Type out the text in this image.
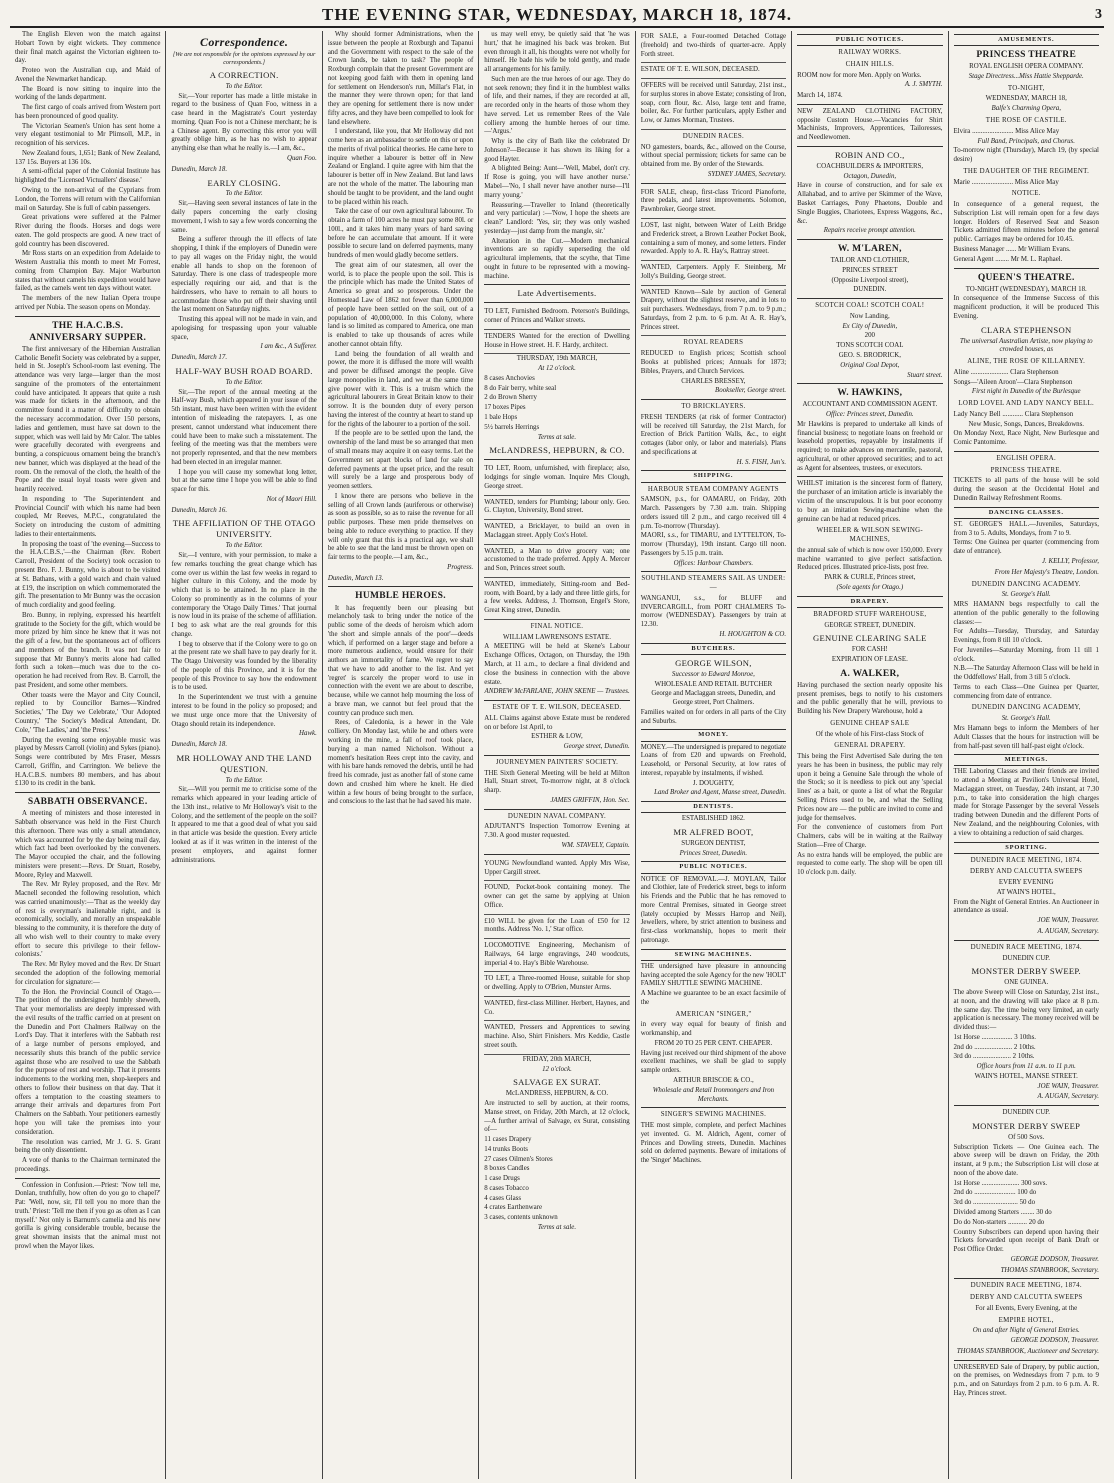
THE EVENING STAR, WEDNESDAY, MARCH 18, 1874.	3
The English Eleven won the match against Hobart Town by eight wickets. They commence their final match against the Victorian eighteen to-day.
Proteo won the Australian cup, and Maid of Avenel the Newmarket handicap.
The Board is now sitting to inquire into the working of the lands department.
The first cargo of coals arrived from Western port has been pronounced of good quality.
The Victorian Seamen's Union has sent home a very elegant testimonial to Mr Plimsoll, M.P., in recognition of his services.
New Zealand fours, 1,651; Bank of New Zealand, 137 15s. Buyers at 136 10s.
A semi-official paper of the Colonial Institute has highlighted the 'Licensed Victuallers' disease.'
Owing to the non-arrival of the Cyprians from London, the Torrens will return with the Californian mail on Saturday. She is full of cabin passengers.
Great privations were suffered at the Palmer River during the floods. Horses and dogs were eaten. The gold prospects are good. A new tract of gold country has been discovered.
Mr Ross starts on an expedition from Adelaide to Western Australia this month to meet Mr Forrest, coming from Champion Bay. Major Warburton states that without camels his expedition would have failed, as the camels went ten days without water.
The members of the new Italian Opera troupe arrived per Nubia. The season opens on Monday.
THE H.A.C.B.S. ANNIVERSARY SUPPER.
The first anniversary of the Hibernian Australian Catholic Benefit Society was celebrated by a supper, held in St. Joseph's School-room last evening. The attendance was very large—larger than the most sanguine of the promoters of the entertainment could have anticipated. It appears that quite a rush was made for tickets in the afternoon, and the committee found it a matter of difficulty to obtain the necessary accommodation. Over 150 persons, ladies and gentlemen, must have sat down to the supper, which was well laid by Mr Calor. The tables were gracefully decorated with evergreens and bunting, a conspicuous ornament being the branch's new banner, which was displayed at the head of the room. On the removal of the cloth, the health of the Pope and the usual loyal toasts were given and heartily received.
In responding to 'The Superintendent and Provincial Council' with which his name had been coupled, Mr Reeves, M.P.C., congratulated the Society on introducing the custom of admitting ladies to their entertainments.
In proposing the toast of 'the evening—Success to the H.A.C.B.S.,'—the Chairman (Rev. Robert Carroll, President of the Society) took occasion to present Bro. F. J. Bunny, who is about to be visited at St. Bathans, with a gold watch and chain valued at £19, the inscription on which commemorated the gift. The presentation to Mr Bunny was the occasion of much cordiality and good feeling.
Bro. Bunny, in replying, expressed his heartfelt gratitude to the Society for the gift, which would be more prized by him since he knew that it was not the gift of a few, but the spontaneous act of officers and members of the branch. It was not fair to suppose that Mr Bunny's merits alone had called forth such a token—much was due to the co-operation he had received from Rev. B. Carroll, the past President, and some other members.
Other toasts were the Mayor and City Council, replied to by Councillor Barnes—'Kindred Societies,' 'The Day we Celebrate,' 'Our Adopted Country,' 'The Society's Medical Attendant, Dr. Cole,' 'The Ladies,' and 'the Press.'
During the evening some enjoyable music was played by Messrs Carroll (violin) and Sykes (piano). Songs were contributed by Mrs Fraser, Messrs Carroll, Griffin, and Carrington. We believe the H.A.C.B.S. numbers 80 members, and has about £130 to its credit in the bank.
SABBATH OBSERVANCE.
A meeting of ministers and those interested in Sabbath observance was held in the First Church this afternoon. There was only a small attendance, which was accounted for by the day being mail day, which fact had been overlooked by the conveners. The Mayor occupied the chair, and the following ministers were present:—Revs. Dr Stuart, Roseby, Moore, Ryley and Maxwell.
The Rev. Mr Ryley proposed, and the Rev. Mr Macnell seconded the following resolution, which was carried unanimously:—'That as the weekly day of rest is everyman's inalienable right, and is economically, socially, and morally an unspeakable blessing to the community, it is therefore the duty of all who wish well to their country to make every effort to secure this privilege to their fellow-colonists.'
The Rev. Mr Ryley moved and the Rev. Dr Stuart seconded the adoption of the following memorial for circulation for signature:—
To the Hon. the Provincial Council of Otago.—The petition of the undersigned humbly sheweth, That your memorialists are deeply impressed with the evil results of the traffic carried on at present on the Dunedin and Port Chalmers Railway on the Lord's Day. That it interferes with the Sabbath rest of a large number of persons employed, and necessarily shuts this branch of the public service against those who are resolved to use the Sabbath for the purpose of rest and worship. That it presents inducements to the working men, shop-keepers and others to follow their business on that day. That it offers a temptation to the coasting steamers to arrange their arrivals and departures from Port Chalmers on the Sabbath. Your petitioners earnestly hope you will take the premises into your consideration.
The resolution was carried, Mr J. G. S. Grant being the only dissentient.
A vote of thanks to the Chairman terminated the proceedings.
Confession in Confusion.—Priest: 'Now tell me, Donlan, truthfully, how often do you go to chapel?' Pat: 'Well, now, sir, I'll tell you no more than the truth.' Priest: 'Tell me then if you go as often as I can myself.' Not only is Barnum's camelia and his new gorilla is giving considerable trouble, because the great showman insists that the animal must not prowl when the Mayor likes.
Correspondence.
[We are not responsible for the opinions expressed by our correspondents.]
A CORRECTION.
To the Editor.
Sir,—Your reporter has made a little mistake in regard to the business of Quan Foo, witness in a case heard in the Magistrate's Court yesterday morning. Quan Foo is not a Chinese merchant; he is a Chinese agent. By correcting this error you will greatly oblige him, as he has no wish to appear anything else than what he really is.—I am, &c.,
Quan Foo.
Dunedin, March 18.
EARLY CLOSING.
To the Editor.
Sir,—Having seen several instances of late in the daily papers concerning the early closing movement, I wish to say a few words concerning the same.
Being a sufferer through the ill effects of late shopping, I think if the employers of Dunedin were to pay all wages on the Friday night, the would enable all hands to shop on the forenoon of Saturday. There is one class of tradespeople more especially requiring our aid, and that is the hairdressers, who have to remain to all hours to accommodate those who put off their shaving until the last moment on Saturday nights.
Trusting this appeal will not be made in vain, and apologising for trespassing upon your valuable space,
I am &c., A Sufferer.
Dunedin, March 17.
HALF-WAY BUSH ROAD BOARD.
To the Editor.
Sir,—The report of the annual meeting at the Half-way Bush, which appeared in your issue of the 5th instant, must have been written with the evident intention of misleading the ratepayers. I, as one present, cannot understand what inducement there could have been to make such a misstatement. The feeling of the meeting was that the members were not properly represented, and that the new members had been elected in an irregular manner.
I hope you will cause my somewhat long letter, but at the same time I hope you will be able to find space for this.
Not of Maori Hill.
Dunedin, March 16.
THE AFFILIATION OF THE OTAGO UNIVERSITY.
To the Editor.
Sir,—I venture, with your permission, to make a few remarks touching the great change which has come over us within the last few weeks in regard to higher culture in this Colony, and the mode by which that is to be attained. In no place in the Colony so prominently as in the columns of your contemporary the 'Otago Daily Times.' That journal is now loud in its praise of the scheme of affiliation. I beg to ask what are the real grounds for this change.
I beg to observe that if the Colony were to go on at the present rate we shall have to pay dearly for it. The Otago University was founded by the liberality of the people of this Province, and it is for the people of this Province to say how the endowment is to be used.
In the Superintendent we trust with a genuine interest to be found in the policy so proposed; and we must urge once more that the University of Otago should retain its independence.
Hawk.
Dunedin, March 18.
MR HOLLOWAY AND THE LAND QUESTION.
To the Editor.
Sir,—Will you permit me to criticise some of the remarks which appeared in your leading article of the 13th inst., relative to Mr Holloway's visit to the Colony, and the settlement of the people on the soil? It appeared to me that a good deal of what you said in that article was beside the question. Every article looked at as if it was written in the interest of the present employers, and against former administrations.
Why should former Administrations, when the issue between the people at Roxburgh and Tapanui and the Government with respect to the sale of the Crown lands, be taken to task? The people of Roxburgh complain that the present Government are not keeping good faith with them in opening land for settlement on Henderson's run, Millar's Flat, in the manner they were thrown open; for that land they are opening for settlement there is now under fifty acres, and they have been compelled to look for land elsewhere.
I understand, like you, that Mr Holloway did not come here as an ambassador to settle on this or upon the merits of rival political theories. He came here to inquire whether a labourer is better off in New Zealand or England. I quite agree with him that the labourer is better off in New Zealand. But land laws are not the whole of the matter. The labouring man should be taught to be provident, and the land ought to be placed within his reach.
Take the case of our own agricultural labourer. To obtain a farm of 100 acres he must pay some 80l. or 100l., and it takes him many years of hard saving before he can accumulate that amount. If it were possible to secure land on deferred payments, many hundreds of men would gladly become settlers.
The great aim of our statesmen, all over the world, is to place the people upon the soil. This is the principle which has made the United States of America so great and so prosperous. Under the Homestead Law of 1862 not fewer than 6,000,000 of people have been settled on the soil, out of a population of 40,000,000. In this Colony, where land is so limited as compared to America, one man is enabled to take up thousands of acres while another cannot obtain fifty.
Land being the foundation of all wealth and power, the more it is diffused the more will wealth and power be diffused amongst the people. Give large monopolies in land, and we at the same time give power with it. This is a truism which the agricultural labourers in Great Britain know to their sorrow. It is the bounden duty of every person having the interest of the country at heart to stand up for the rights of the labourer to a portion of the soil.
If the people are to be settled upon the land, the ownership of the land must be so arranged that men of small means may acquire it on easy terms. Let the Government set apart blocks of land for sale on deferred payments at the upset price, and the result will surely be a large and prosperous body of yeomen settlers.
I know there are persons who believe in the selling of all Crown lands (auriferous or otherwise) as soon as possible, so as to raise the revenue for all public purposes. These men pride themselves on being able to reduce everything to practice. If they will only grant that this is a practical age, we shall be able to see that the land must be thrown open on fair terms to the people.—I am, &c.,
Progress.
Dunedin, March 13.
HUMBLE HEROES.
It has frequently been our pleasing but melancholy task to bring under the notice of the public some of the deeds of heroism which adorn 'the short and simple annals of the poor'—deeds which, if performed on a larger stage and before a more numerous audience, would ensure for their authors an immortality of fame. We regret to say that we have to add another to the list. And yet 'regret' is scarcely the proper word to use in connection with the event we are about to describe, because, while we cannot help mourning the loss of a brave man, we cannot but feel proud that the country can produce such men.
Rees, of Caledonia, is a hewer in the Vale colliery. On Monday last, while he and others were working in the mine, a fall of roof took place, burying a man named Nicholson. Without a moment's hesitation Rees crept into the cavity, and with his bare hands removed the debris, until he had freed his comrade, just as another fall of stone came down and crushed him where he knelt. He died within a few hours of being brought to the surface, and conscious to the last that he had saved his mate.
us may well envy, be quietly said that 'he was hurt,' that he imagined his back was broken. But even through it all, his thoughts were not wholly for himself. He bade his wife be told gently, and made all arrangements for his family.
Such men are the true heroes of our age. They do not seek renown; they find it in the humblest walks of life, and their names, if they are recorded at all, are recorded only in the hearts of those whom they have served. Let us remember Rees of the Vale colliery among the humble heroes of our time.—'Argus.'
Why is the city of Bath like the celebrated Dr Johnson?—Because it has shown its liking for a good Hayter.
A blighted Being: Aunt—'Well, Mabel, don't cry. If Rose is going, you will have another nurse.' Mabel—'No, I shall never have another nurse—I'll marry young.'
Reassuring.—Traveller to Inland (theoretically and very particular) :—'Now, I hope the sheets are clean?' Landlord: 'Yes, sir; they was only washed yesterday—just damp from the mangle, sir.'
Alteration in the Cut.—Modern mechanical inventions are so rapidly superseding the old agricultural implements, that the scythe, that Time ought in future to be represented with a mowing-machine.
Late Advertisements.
TO LET, Furnished Bedroom. Peterson's Buildings, corner of Princes and Walker streets.
TENDERS Wanted for the erection of Dwelling House in Howe street. H. F. Hardy, architect.
THURSDAY, 19th MARCH,
At 12 o'clock.
8 cases Anchovies
8 do Fair berry, white seal
2 do Brown Sherry
17 boxes Pipes
1 bale Hops
5½ barrels Herrings
Terms at sale.
McLANDRESS, HEPBURN, & CO.
TO LET, Room, unfurnished, with fireplace; also, lodgings for single woman. Inquire Mrs Clough, George street.
WANTED, tenders for Plumbing; labour only. Geo. G. Clayton, University, Bond street.
WANTED, a Bricklayer, to build an oven in Maclaggan street. Apply Cox's Hotel.
WANTED, a Man to drive grocery van; one accustomed to the trade preferred. Apply A. Mercer and Son, Princes street south.
WANTED, immediately, Sitting-room and Bed-room, with Board, by a lady and three little girls, for a few weeks. Address, J. Thomson, Engel's Store, Great King street, Dunedin.
FINAL NOTICE.
WILLIAM LAWRENSON'S ESTATE.
A MEETING will be held at Skene's Labour Exchange Offices, Octagon, on Thursday, the 19th March, at 11 a.m., to declare a final dividend and close the business in connection with the above estate.
ANDREW McFARLANE, JOHN SKENE — Trustees.
ESTATE OF T. E. WILSON, DECEASED.
ALL Claims against above Estate must be rendered on or before 1st April, to
ESTHER & LOW,
George street, Dunedin.
JOURNEYMEN PAINTERS' SOCIETY.
THE Sixth General Meeting will be held at Milton Hall, Stuart street, To-morrow night, at 8 o'clock sharp.
JAMES GRIFFIN, Hon. Sec.
DUNEDIN NAVAL COMPANY.
ADJUTANT'S Inspection Tomorrow Evening at 7.30. A good muster requested.
WM. STAVELY, Captain.
YOUNG Newfoundland wanted. Apply Mrs Wise, Upper Cargill street.
FOUND, Pocket-book containing money. The owner can get the same by applying at Union Office.
£10 WILL be given for the Loan of £50 for 12 months. Address 'No. 1,' Star office.
LOCOMOTIVE Engineering, Mechanism of Railways, 64 large engravings, 240 woodcuts, imperial 4 to. Hay's Bible Warehouse.
TO LET, a Three-roomed House, suitable for shop or dwelling. Apply to O'Brien, Munster Arms.
WANTED, first-class Milliner. Herbert, Haynes, and Co.
WANTED, Pressers and Apprentices to sewing machine. Also, Shirt Finishers. Mrs Keddie, Castle street south.
FRIDAY, 20th MARCH,
12 o'clock.
SALVAGE EX SURAT.
McLANDRESS, HEPBURN, & CO.
Are instructed to sell by auction, at their rooms, Manse street, on Friday, 20th March, at 12 o'clock,—A further arrival of Salvage, ex Surat, consisting of—
11 cases Drapery
14 trunks Boots
27 cases Oilmen's Stores
8 boxes Candles
1 case Drugs
8 cases Tobacco
4 cases Glass
4 crates Earthenware
3 cases, contents unknown
Terms at sale.
FOR SALE, a Four-roomed Detached Cottage (freehold) and two-thirds of quarter-acre. Apply Forth street.
ESTATE OF T. E. WILSON, DECEASED.
OFFERS will be received until Saturday, 21st inst., for surplus stores in above Estate; consisting of Iron, soap, corn flour, &c. Also, large tent and frame, boiler, &c. For further particulars, apply Esther and Low, or James Morman, Trustees.
DUNEDIN RACES.
NO gamesters, boards, &c., allowed on the Course, without special permission; tickets for same can be obtained from me. By order of the Stewards.
SYDNEY JAMES, Secretary.
FOR SALE, cheap, first-class Tricord Pianoforte, three pedals, and latest improvements. Solomon, Pawnbroker, George street.
LOST, last night, between Water of Leith Bridge and Frederick street, a Brown Leather Pocket Book, containing a sum of money, and some letters. Finder rewarded. Apply to A. R. Hay's, Rattray street.
WANTED, Carpenters. Apply F. Steinberg, Mr Jolly's Building, George street.
WANTED Known—Sale by auction of General Drapery, without the slightest reserve, and in lots to suit purchasers. Wednesdays, from 7 p.m. to 9 p.m.; Saturdays, from 2 p.m. to 6 p.m. At A. R. Hay's, Princes street.
ROYAL READERS
REDUCED to English prices; Scottish school Books at published prices; Annuals for 1873; Bibles, Prayers, and Church Services.
CHARLES BRESSEY,
Bookseller, George street.
TO BRICKLAYERS.
FRESH TENDERS (at risk of former Contractor) will be received till Saturday, the 21st March, for Erection of Brick Partition Walls, &c., to eight cottages (labor only, or labor and materials). Plans and specifications at
H. S. FISH, Jun's.
SHIPPING.
HARBOUR STEAM COMPANY AGENTS
SAMSON, p.s., for OAMARU, on Friday, 20th March. Passengers by 7.30 a.m. train. Shipping orders issued till 2 p.m., and cargo received till 4 p.m. To-morrow (Thursday).
MAORI, s.s., for TIMARU, and LYTTELTON, To-morrow (Thursday), 19th instant. Cargo till noon. Passengers by 5.15 p.m. train.
Offices: Harbour Chambers.
SOUTHLAND STEAMERS SAIL AS UNDER:—
WANGANUI, s.s., for BLUFF and INVERCARGILL, from PORT CHALMERS To-morrow (WEDNESDAY). Passengers by train at 12.30.
H. HOUGHTON & CO.
BUTCHERS.
GEORGE WILSON,
Successor to Edward Monroe,
WHOLESALE AND RETAIL BUTCHER
George and Maclaggan streets, Dunedin, and George street, Port Chalmers.
Families waited on for orders in all parts of the City and Suburbs.
MONEY.
MONEY.—The undersigned is prepared to negotiate Loans of from £20 and upwards on Freehold, Leasehold, or Personal Security, at low rates of interest, repayable by instalments, if wished.
J. DOUGHTY,
Land Broker and Agent, Manse street, Dunedin.
DENTISTS.
ESTABLISHED 1862.
MR ALFRED BOOT,
SURGEON DENTIST,
Princes Street, Dunedin.
PUBLIC NOTICES.
NOTICE OF REMOVAL.—J. MOYLAN, Tailor and Clothier, late of Frederick street, begs to inform his Friends and the Public that he has removed to more Central Premises, situated in George street (lately occupied by Messrs Harrop and Neil), Jewellers, where, by strict attention to business and first-class workmanship, hopes to merit their patronage.
SEWING MACHINES.
THE undersigned have pleasure in announcing having accepted the sole Agency for the new 'HOLT' FAMILY SHUTTLE SEWING MACHINE.
A Machine we guarantee to be an exact facsimile of the
AMERICAN "SINGER,"
in every way equal for beauty of finish and workmanship, and
FROM 20 TO 25 PER CENT. CHEAPER.
Having just received our third shipment of the above excellent machines, we shall be glad to supply sample orders.
ARTHUR BRISCOE & CO.,
Wholesale and Retail Ironmongers and Iron Merchants.
SINGER'S SEWING MACHINES.
THE most simple, complete, and perfect Machines yet invented. G. M. Aldrich, Agent, corner of Princes and Dowling streets, Dunedin. Machines sold on deferred payments. Beware of imitations of the 'Singer' Machines.
PUBLIC NOTICES.
RAILWAY WORKS.
CHAIN HILLS.
ROOM now for more Men. Apply on Works.
A. J. SMYTH.
March 14, 1874.
NEW ZEALAND CLOTHING FACTORY, opposite Custom House.—Vacancies for Shirt Machinists, Improvers, Apprentices, Tailoresses, and Needlewomen.
ROBIN AND CO.,
COACHBUILDERS & IMPORTERS,
Octagon, Dunedin,
Have in course of construction, and for sale ex Allahabad, and to arrive per Skimmer of the Wave, Basket Carriages, Pony Phaetons, Double and Single Buggies, Chariotees, Express Waggons, &c., &c.
Repairs receive prompt attention.
W. M'LAREN,
TAILOR AND CLOTHIER,
PRINCES STREET
(Opposite Liverpool street),
DUNEDIN.
SCOTCH COAL! SCOTCH COAL!
Now Landing,
Ex City of Dunedin,
200
TONS SCOTCH COAL
GEO. S. BRODRICK,
Original Coal Depot,
Stuart street.
W. HAWKINS,
ACCOUNTANT AND COMMISSION AGENT.
Office: Princes street, Dunedin.
Mr Hawkins is prepared to undertake all kinds of financial business; to negotiate loans on freehold or leasehold properties, repayable by instalments if required; to make advances on mercantile, pastoral, agricultural, or other approved securities; and to act as Agent for absentees, trustees, or executors.
WHILST imitation is the sincerest form of flattery, the purchaser of an imitation article is invariably the victim of the unscrupulous. It is but poor economy to buy an imitation Sewing-machine when the genuine can be had at reduced prices.
WHEELER & WILSON SEWING-MACHINES,
the annual sale of which is now over 150,000. Every machine warranted to give perfect satisfaction. Reduced prices. Illustrated price-lists, post free.
PARK & CURLE, Princes street,
(Sole agents for Otago.)
DRAPERY.
BRADFORD STUFF WAREHOUSE,
GEORGE STREET, DUNEDIN.
GENUINE CLEARING SALE
FOR CASH!
EXPIRATION OF LEASE.
A. WALKER,
Having purchased the section nearly opposite his present premises, begs to notify to his customers and the public generally that he will, previous to Building his New Drapery Warehouse, hold a
GENUINE CHEAP SALE
Of the whole of his First-class Stock of
GENERAL DRAPERY.
This being the First Advertised Sale during the ten years he has been in business, the public may rely upon it being a Genuine Sale through the whole of the Stock; so it is needless to pick out any 'special lines' as a bait, or quote a list of what the Regular Selling Prices used to be, and what the Selling Prices now are — the public are invited to come and judge for themselves.
For the convenience of customers from Port Chalmers, cabs will be in waiting at the Railway Station—Free of Charge.
As no extra hands will be employed, the public are requested to come early. The shop will be open till 10 o'clock p.m. daily.
AMUSEMENTS.
PRINCESS THEATRE
ROYAL ENGLISH OPERA COMPANY.
Stage Directress...Miss Hattie Shepparde.
TO-NIGHT,
WEDNESDAY, MARCH 18,
Balfe's Charming Opera,
THE ROSE OF CASTILE.
Elvira ........................ Miss Alice May
Full Band, Principals, and Chorus.
To-morrow night (Thursday), March 19, (by special desire)
THE DAUGHTER OF THE REGIMENT.
Marie ........................ Miss Alice May
NOTICE.
In consequence of a general request, the Subscription List will remain open for a few days longer. Holders of Reserved Seat and Season Tickets admitted fifteen minutes before the general public. Carriages may be ordered for 10.45.
Business Manager ...... Mr William Evans.
General Agent ........ Mr M. L. Raphael.
QUEEN'S THEATRE.
TO-NIGHT (WEDNESDAY), MARCH 18.
In consequence of the Immense Success of this magnificent production, it will be produced This Evening.
CLARA STEPHENSON
The universal Australian Artiste, now playing to crowded houses, as
ALINE, THE ROSE OF KILLARNEY.
Aline ...................... Clara Stephenson
Songs—'Aileen Aroon'—Clara Stephenson
First night in Dunedin of the Burlesque
LORD LOVEL AND LADY NANCY BELL.
Lady Nancy Bell ............ Clara Stephenson
New Music, Songs, Dances, Breakdowns.
On Monday Next, Race Night, New Burlesque and Comic Pantomime.
ENGLISH OPERA.
PRINCESS THEATRE.
TICKETS to all parts of the house will be sold during the season at the Occidental Hotel and Dunedin Railway Refreshment Rooms.
DANCING CLASSES.
ST. GEORGE'S HALL.—Juveniles, Saturdays, from 3 to 5. Adults, Mondays, from 7 to 9.
Terms: One Guinea per quarter (commencing from date of entrance).
J. KELLY, Professor,
From Her Majesty's Theatre, London.
DUNEDIN DANCING ACADEMY.
St. George's Hall.
MRS HAMANN begs respectfully to call the attention of the public generally to the following classes:—
For Adults—Tuesday, Thursday, and Saturday Evenings, from 8 till 10 o'clock.
For Juveniles—Saturday Morning, from 11 till 1 o'clock.
N.B.—The Saturday Afternoon Class will be held in the Oddfellows' Hall, from 3 till 5 o'clock.
Terms to each Class—One Guinea per Quarter, commencing from date of entrance.
DUNEDIN DANCING ACADEMY,
St. George's Hall.
Mrs Hamann begs to inform the Members of her Adult Classes that the hours for instruction will be from half-past seven till half-past eight o'clock.
MEETINGS.
THE Laboring Classes and their friends are invited to attend a Meeting at Pavilion's Universal Hotel, Maclaggan street, on Tuesday, 24th instant, at 7.30 p.m., to take into consideration the high charges made for Storage Passenger by the several Vessels trading between Dunedin and the different Ports of New Zealand, and the neighbouring Colonies, with a view to obtaining a reduction of said charges.
SPORTING.
DUNEDIN RACE MEETING, 1874.
DERBY AND CALCUTTA SWEEPS
EVERY EVENING
AT WAIN'S HOTEL,
From the Night of General Entries. An Auctioneer in attendance as usual.
JOE WAIN, Treasurer.
A. AUGAN, Secretary.
DUNEDIN RACE MEETING, 1874.
DUNEDIN CUP.
MONSTER DERBY SWEEP.
ONE GUINEA.
The above Sweep will Close on Saturday, 21st inst., at noon, and the drawing will take place at 8 p.m. the same day. The time being very limited, an early application is necessary. The money received will be divided thus:—
1st Horse .................. 3 10ths.
2nd do ...................... 2 10ths.
3rd do ...................... 2 10ths.
Office hours from 11 a.m. to 11 p.m.
WAIN'S HOTEL, MANSE STREET.
JOE WAIN, Treasurer.
A. AUGAN, Secretary.
DUNEDIN CUP.
MONSTER DERBY SWEEP
Of 500 Sovs.
Subscription Tickets — One Guinea each. The above sweep will be drawn on Friday, the 20th instant, at 9 p.m.; the Subscription List will close at noon of the above date.
1st Horse ...................... 300 sovs.
2nd do ........................ 100 do
3rd do .......................... 50 do
Divided among Starters ........ 30 do
Do do Non-starters ........... 20 do
Country Subscribers can depend upon having their Tickets forwarded upon receipt of Bank Draft or Post Office Order.
GEORGE DODSON, Treasurer.
THOMAS STANBROOK, Secretary.
DUNEDIN RACE MEETING, 1874.
DERBY AND CALCUTTA SWEEPS
For all Events, Every Evening, at the
EMPIRE HOTEL,
On and after Night of General Entries.
GEORGE DODSON, Treasurer.
THOMAS STANBROOK, Auctioneer and Secretary.
UNRESERVED Sale of Drapery, by public auction, on the premises, on Wednesdays from 7 p.m. to 9 p.m., and on Saturdays from 2 p.m. to 6 p.m. A. R. Hay, Princes street.
